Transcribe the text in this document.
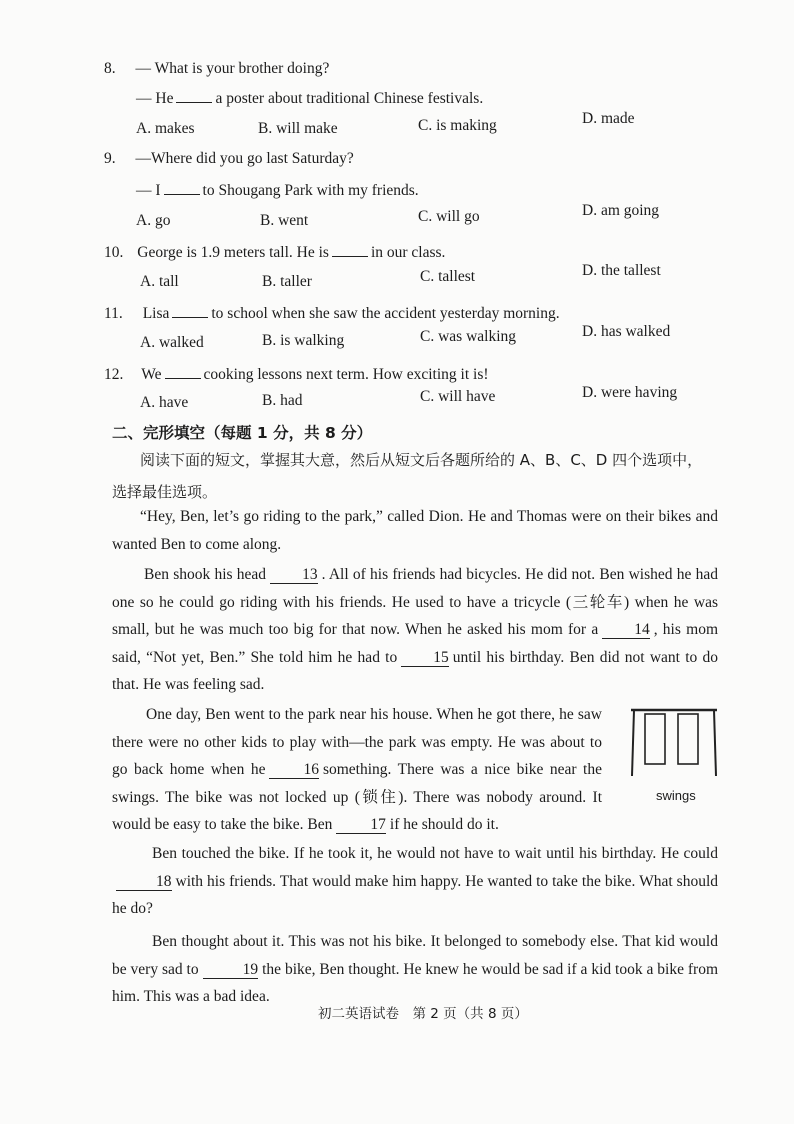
8. — What is your brother doing?
— He	a poster about traditional Chinese festivals.
A. makes	B. will make	C. is making	D. made
9. —Where did you go last Saturday?
— I	to Shougang Park with my friends.
A. go	B. went	C. will go	D. am going
10. George is 1.9 meters tall. He is	in our class.
A. tall	B. taller	C. tallest	D. the tallest
11. Lisa	to school when she saw the accident yesterday morning.
A. walked	B. is walking	C. was walking	D. has walked
12. We	cooking lessons next term. How exciting it is!
A. have	B. had	C. will have	D. were having
二、完形填空（每题 1 分，共 8 分）
阅读下面的短文，掌握其大意，然后从短文后各题所给的 A、B、C、D 四个选项中，
选择最佳选项。
“Hey, Ben, let’s go riding to the park,” called Dion. He and Thomas were on their bikes and wanted Ben to come along.
Ben shook his head 13 . All of his friends had bicycles. He did not. Ben wished he had one so he could go riding with his friends. He used to have a tricycle (三轮车) when he was small, but he was much too big for that now. When he asked his mom for a 14 , his mom said, “Not yet, Ben.” She told him he had to 15 until his birthday. Ben did not want to do that. He was feeling sad.
One day, Ben went to the park near his house. When he got there, he saw there were no other kids to play with—the park was empty. He was about to go back home when he 16 something. There was a nice bike near the swings. The bike was not locked up (锁住). There was nobody around. It would be easy to take the bike. Ben 17 if he should do it.
swings
Ben touched the bike. If he took it, he would not have to wait until his birthday. He could18 with his friends. That would make him happy. He wanted to take the bike. What should he do?
Ben thought about it. This was not his bike. It belonged to somebody else. That kid would be very sad to	19 the bike, Ben thought. He knew he would be sad if a kid took a bike from him. This was a bad idea.
初二英语试卷　第 2 页（共 8 页）
